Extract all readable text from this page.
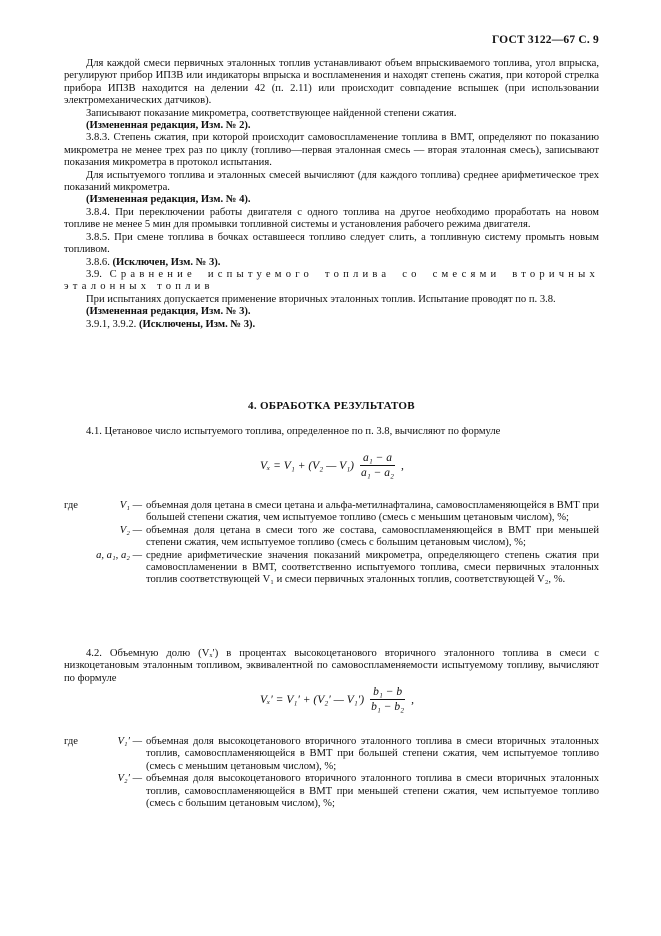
ГОСТ 3122—67 С. 9

Для каждой смеси первичных эталонных топлив устанавливают объем впрыскиваемого топлива, угол впрыска, регулируют прибор ИПЗВ или индикаторы впрыска и воспламенения и находят степень сжатия, при которой стрелка прибора ИПЗВ находится на делении 42 (п. 2.11) или происходит совпадение вспышек (при использовании электромеханических датчиков).

Записывают показание микрометра, соответствующее найденной степени сжатия.

(Измененная редакция, Изм. № 2).

3.8.3. Степень сжатия, при которой происходит самовоспламенение топлива в ВМТ, определяют по показанию микрометра не менее трех раз по циклу (топливо—первая эталонная смесь — вторая эталонная смесь), записывают показания микрометра в протокол испытания.

Для испытуемого топлива и эталонных смесей вычисляют (для каждого топлива) среднее арифметическое трех показаний микрометра.

(Измененная редакция, Изм. № 4).

3.8.4. При переключении работы двигателя с одного топлива на другое необходимо проработать на новом топливе не менее 5 мин для промывки топливной системы и установления рабочего режима двигателя.

3.8.5. При смене топлива в бочках оставшееся топливо следует слить, а топливную систему промыть новым топливом.

3.8.6. (Исключен, Изм. № 3).

3.9. Сравнение испытуемого топлива со смесями вторичных эталонных топлив

При испытаниях допускается применение вторичных эталонных топлив. Испытание проводят по п. 3.8.

(Измененная редакция, Изм. № 3).

3.9.1, 3.9.2. (Исключены, Изм. № 3).

4. ОБРАБОТКА РЕЗУЛЬТАТОВ

4.1. Цетановое число испытуемого топлива, определенное по п. 3.8, вычисляют по формуле

Vₓ = V₁ + (V₂ — $V_1) \frac{\text{a₁ − a}}{\text{a₁ − a₂}}$ ,
где	V₁ — объемная доля цетана в смеси цетана и альфа-метилнафталина, самовоспламеняющейся в ВМТ при большей степени сжатия, чем испытуемое топливо (смесь с меньшим цетановым числом), %;
V₂ — объемная доля цетана в смеси того же состава, самовоспламеняющейся в ВМТ при меньшей степени сжатия, чем испытуемое топливо (смесь с большим цетановым числом), %;
a, a₁, a₂ — средние арифметические значения показаний микрометра, определяющего степень сжатия при самовоспламенении в ВМТ, соответственно испытуемого топлива, смеси первичных эталонных топлив соответствующей V₁ и смеси первичных эталонных топлив, соответствующей V₂, %.

4.2. Объемную долю (Vₓ′) в процентах высокоцетанового вторичного эталонного топлива в смеси с низкоцетановым эталонным топливом, эквивалентной по самовоспламеняемости испытуемому топливу, вычисляют по формуле

Vₓ′ = V₁′ + (V₂′ — $V_1') \frac{\text{b₁ − b}}{\text{b₁ − b₂}}$ ,
где	V₁′ — объемная доля высокоцетанового вторичного эталонного топлива в смеси вторичных эталонных топлив, самовоспламеняющейся в ВМТ при большей степени сжатия, чем испытуемое топливо (смесь с меньшим цетановым числом), %;
V₂′ — объемная доля высокоцетанового вторичного эталонного топлива в смеси вторичных эталонных топлив, самовоспламеняющейся в ВМТ при меньшей степени сжатия, чем испытуемое топливо (смесь с большим цетановым числом), %;
